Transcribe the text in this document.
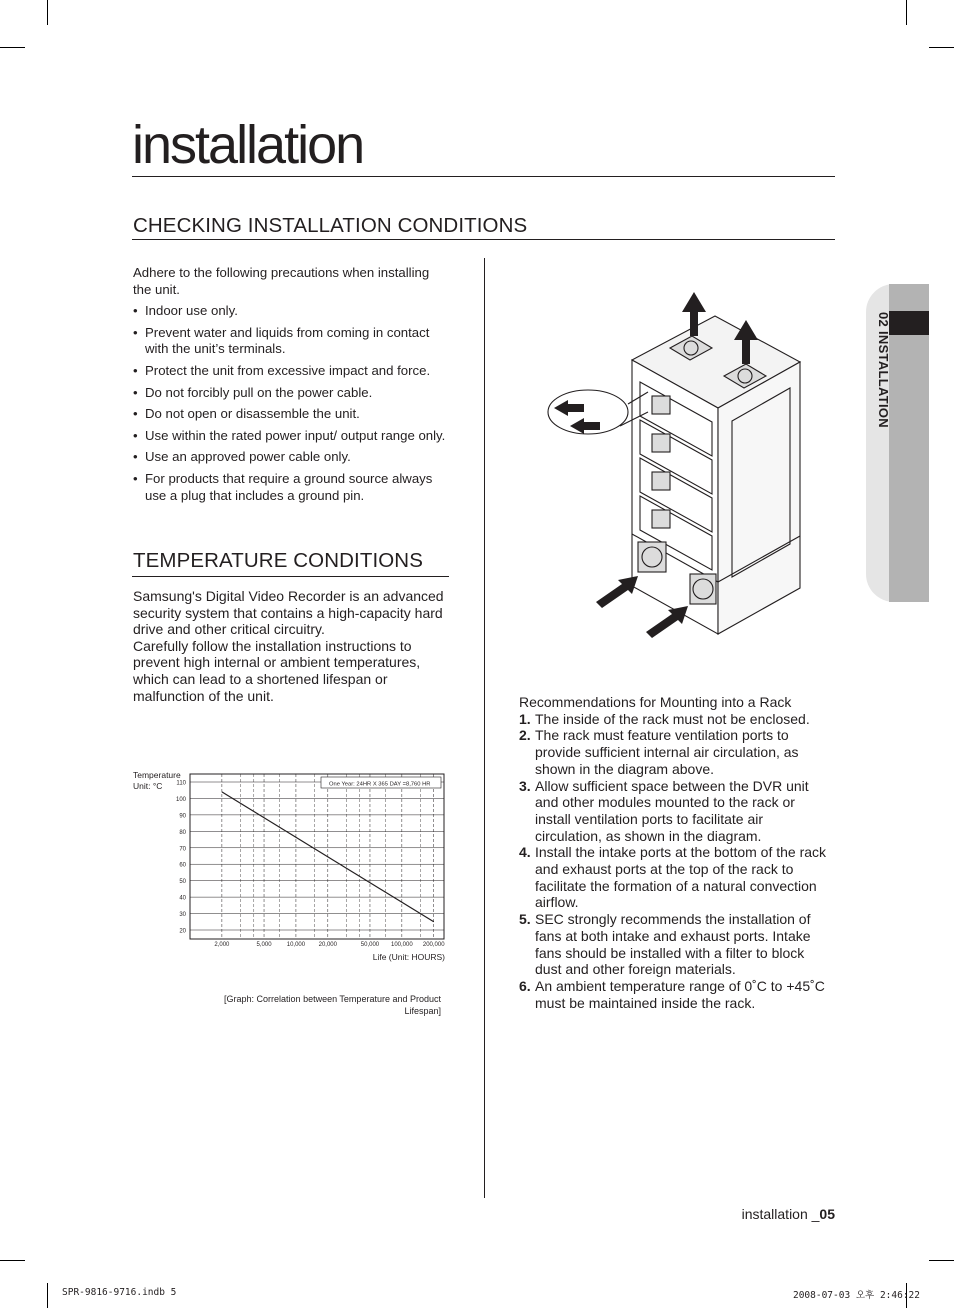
installation
CHECKING INSTALLATION CONDITIONS
02 INSTALLATION
Adhere to the following precautions when installing the unit.
• Indoor use only.
• Prevent water and liquids from coming in contact with the unit’s terminals.
• Protect the unit from excessive impact and force.
• Do not forcibly pull on the power cable.
• Do not open or disassemble the unit.
• Use within the rated power input/ output range only.
• Use an approved power cable only.
• For products that require a ground source always use a plug that includes a ground pin.
TEMPERATURE CONDITIONS
Samsung's Digital Video Recorder is an advanced security system that contains a high-capacity hard drive and other critical circuitry.
Carefully follow the installation instructions to prevent high internal or ambient temperatures, which can lead to a shortened lifespan or malfunction of the unit.
Temperature
Unit: °C 110
100
90
80
70
60
50
40
30
20
2,000	5,000	10,000 20,000	50,000 100,000 200,000
One Year: 24HR X 365 DAY =8,760 HR
Life (Unit: HOURS)
[Graph: Correlation between Temperature and Product Lifespan]
Recommendations for Mounting into a Rack
1. The inside of the rack must not be enclosed.
2. The rack must feature ventilation ports to provide sufficient internal air circulation, as shown in the diagram above.
3. Allow sufficient space between the DVR unit and other modules mounted to the rack or install ventilation ports to facilitate air circulation, as shown in the diagram.
4. Install the intake ports at the bottom of the rack and exhaust ports at the top of the rack to facilitate the formation of a natural convection airflow.
5. SEC strongly recommends the installation of fans at both intake and exhaust ports. Intake fans should be installed with a filter to block dust and other foreign materials.
6. An ambient temperature range of 0˚C to +45˚C must be maintained inside the rack.
installation _05
SPR-9816-9716.indb 5	2008-07-03 오후 2:46:22
